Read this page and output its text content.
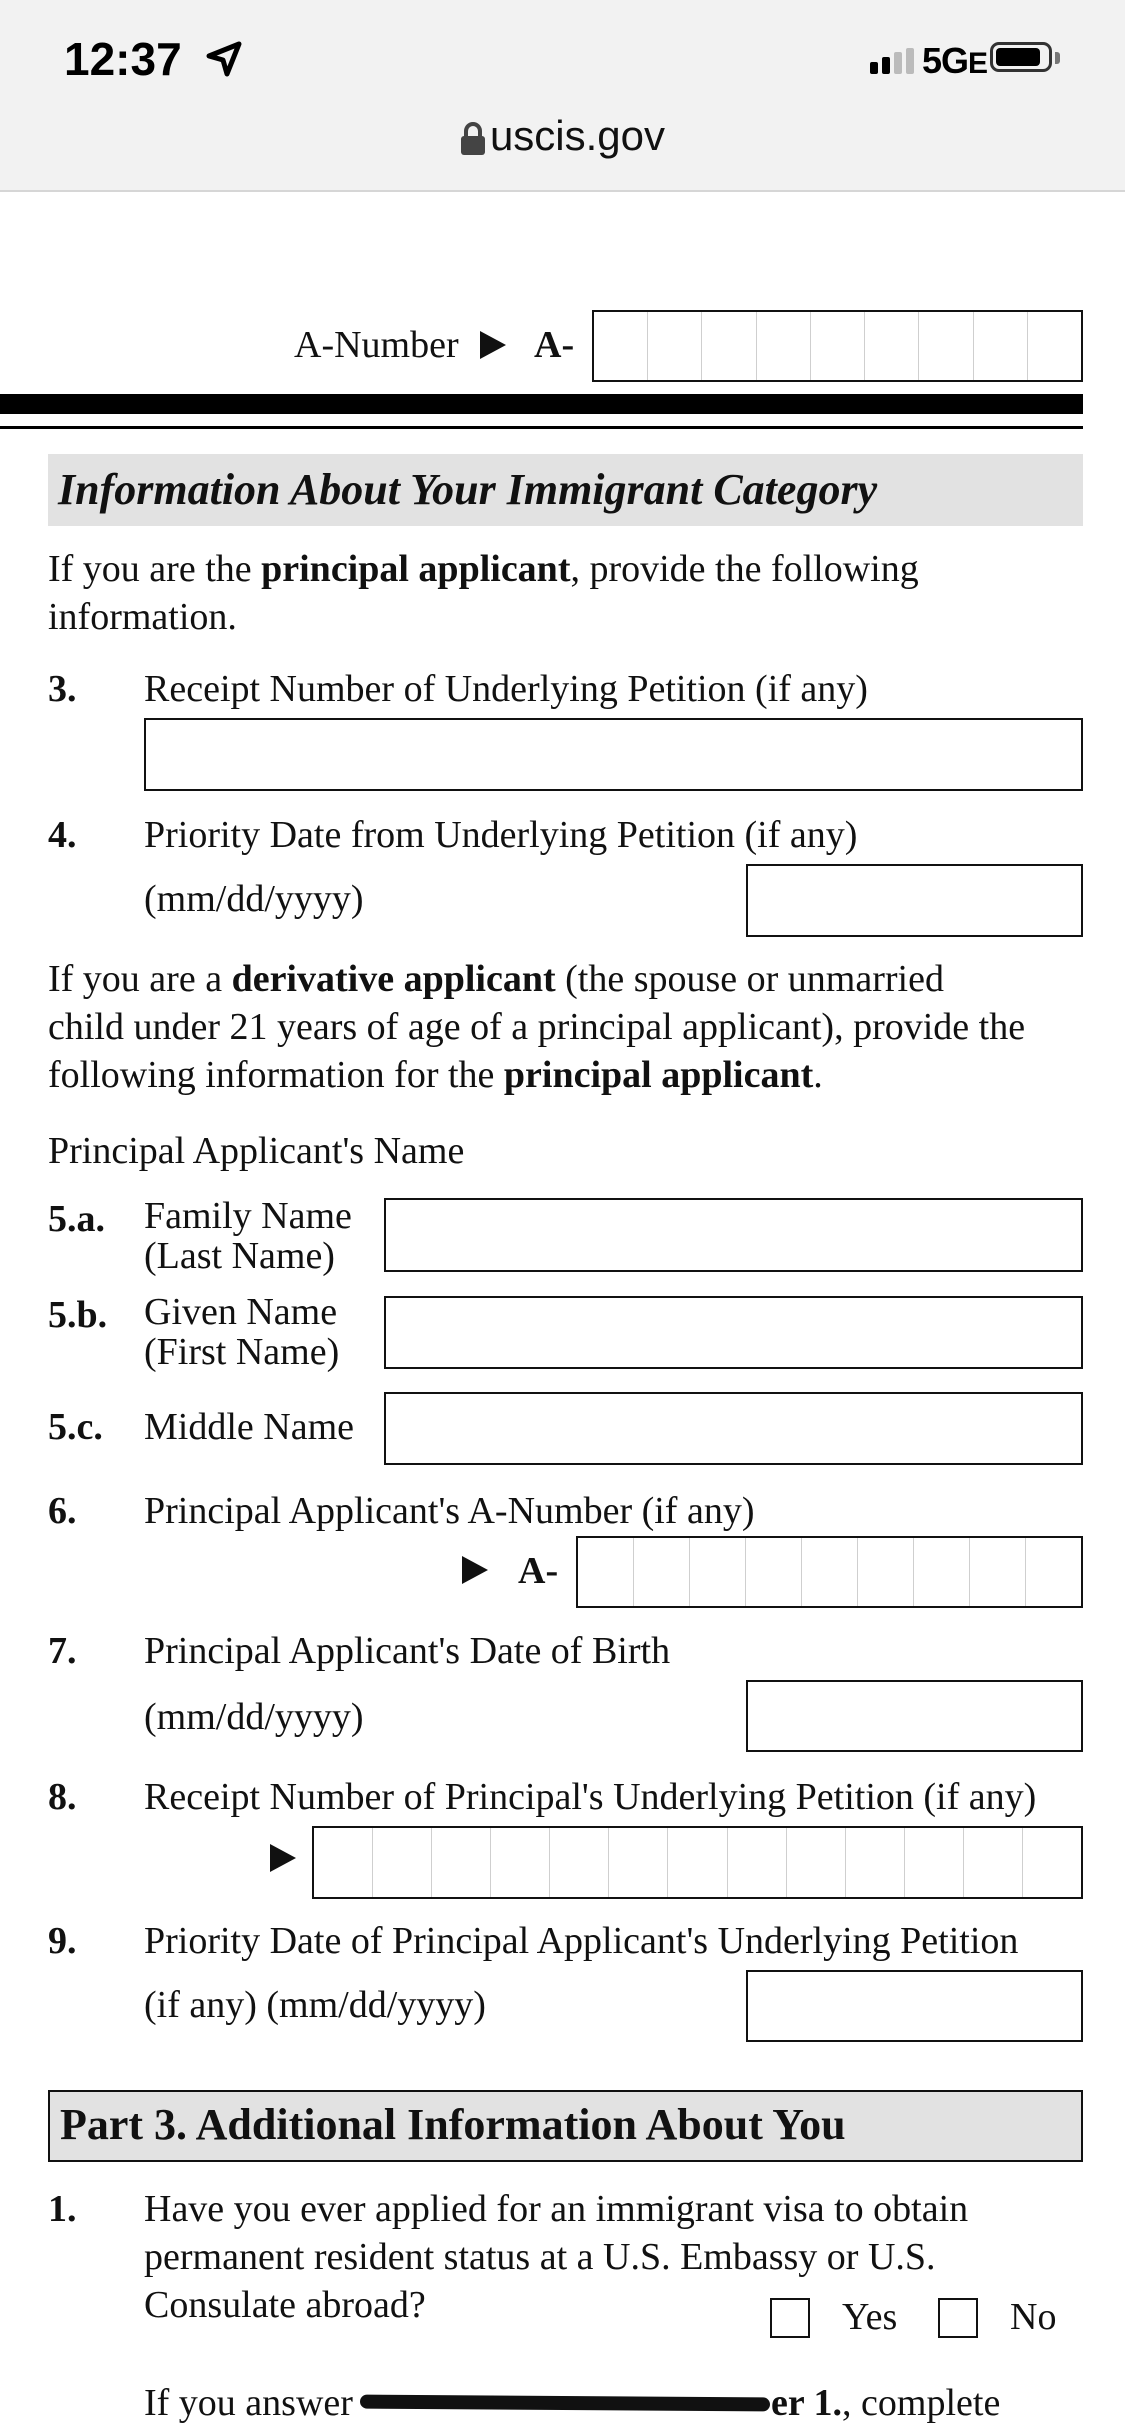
12:37	5GE
uscis.gov
A-Number A-
Information About Your Immigrant Category
If you are the principal applicant, provide the following
information.
3. Receipt Number of Underlying Petition (if any)
4. Priority Date from Underlying Petition (if any)
(mm/dd/yyyy)
If you are a derivative applicant (the spouse or unmarried
child under 21 years of age of a principal applicant), provide the
following information for the principal applicant.
Principal Applicant's Name
5.a. Family Name
(Last Name)
5.b. Given Name
(First Name)
5.c. Middle Name
6. Principal Applicant's A-Number (if any)
A-
7. Principal Applicant's Date of Birth
(mm/dd/yyyy)
8. Receipt Number of Principal's Underlying Petition (if any)
9. Priority Date of Principal Applicant's Underlying Petition
(if any) (mm/dd/yyyy)
Part 3. Additional Information About You
1. Have you ever applied for an immigrant visa to obtain
permanent resident status at a U.S. Embassy or U.S.
Consulate abroad?	Yes	No
If you answer	er 1., complete
